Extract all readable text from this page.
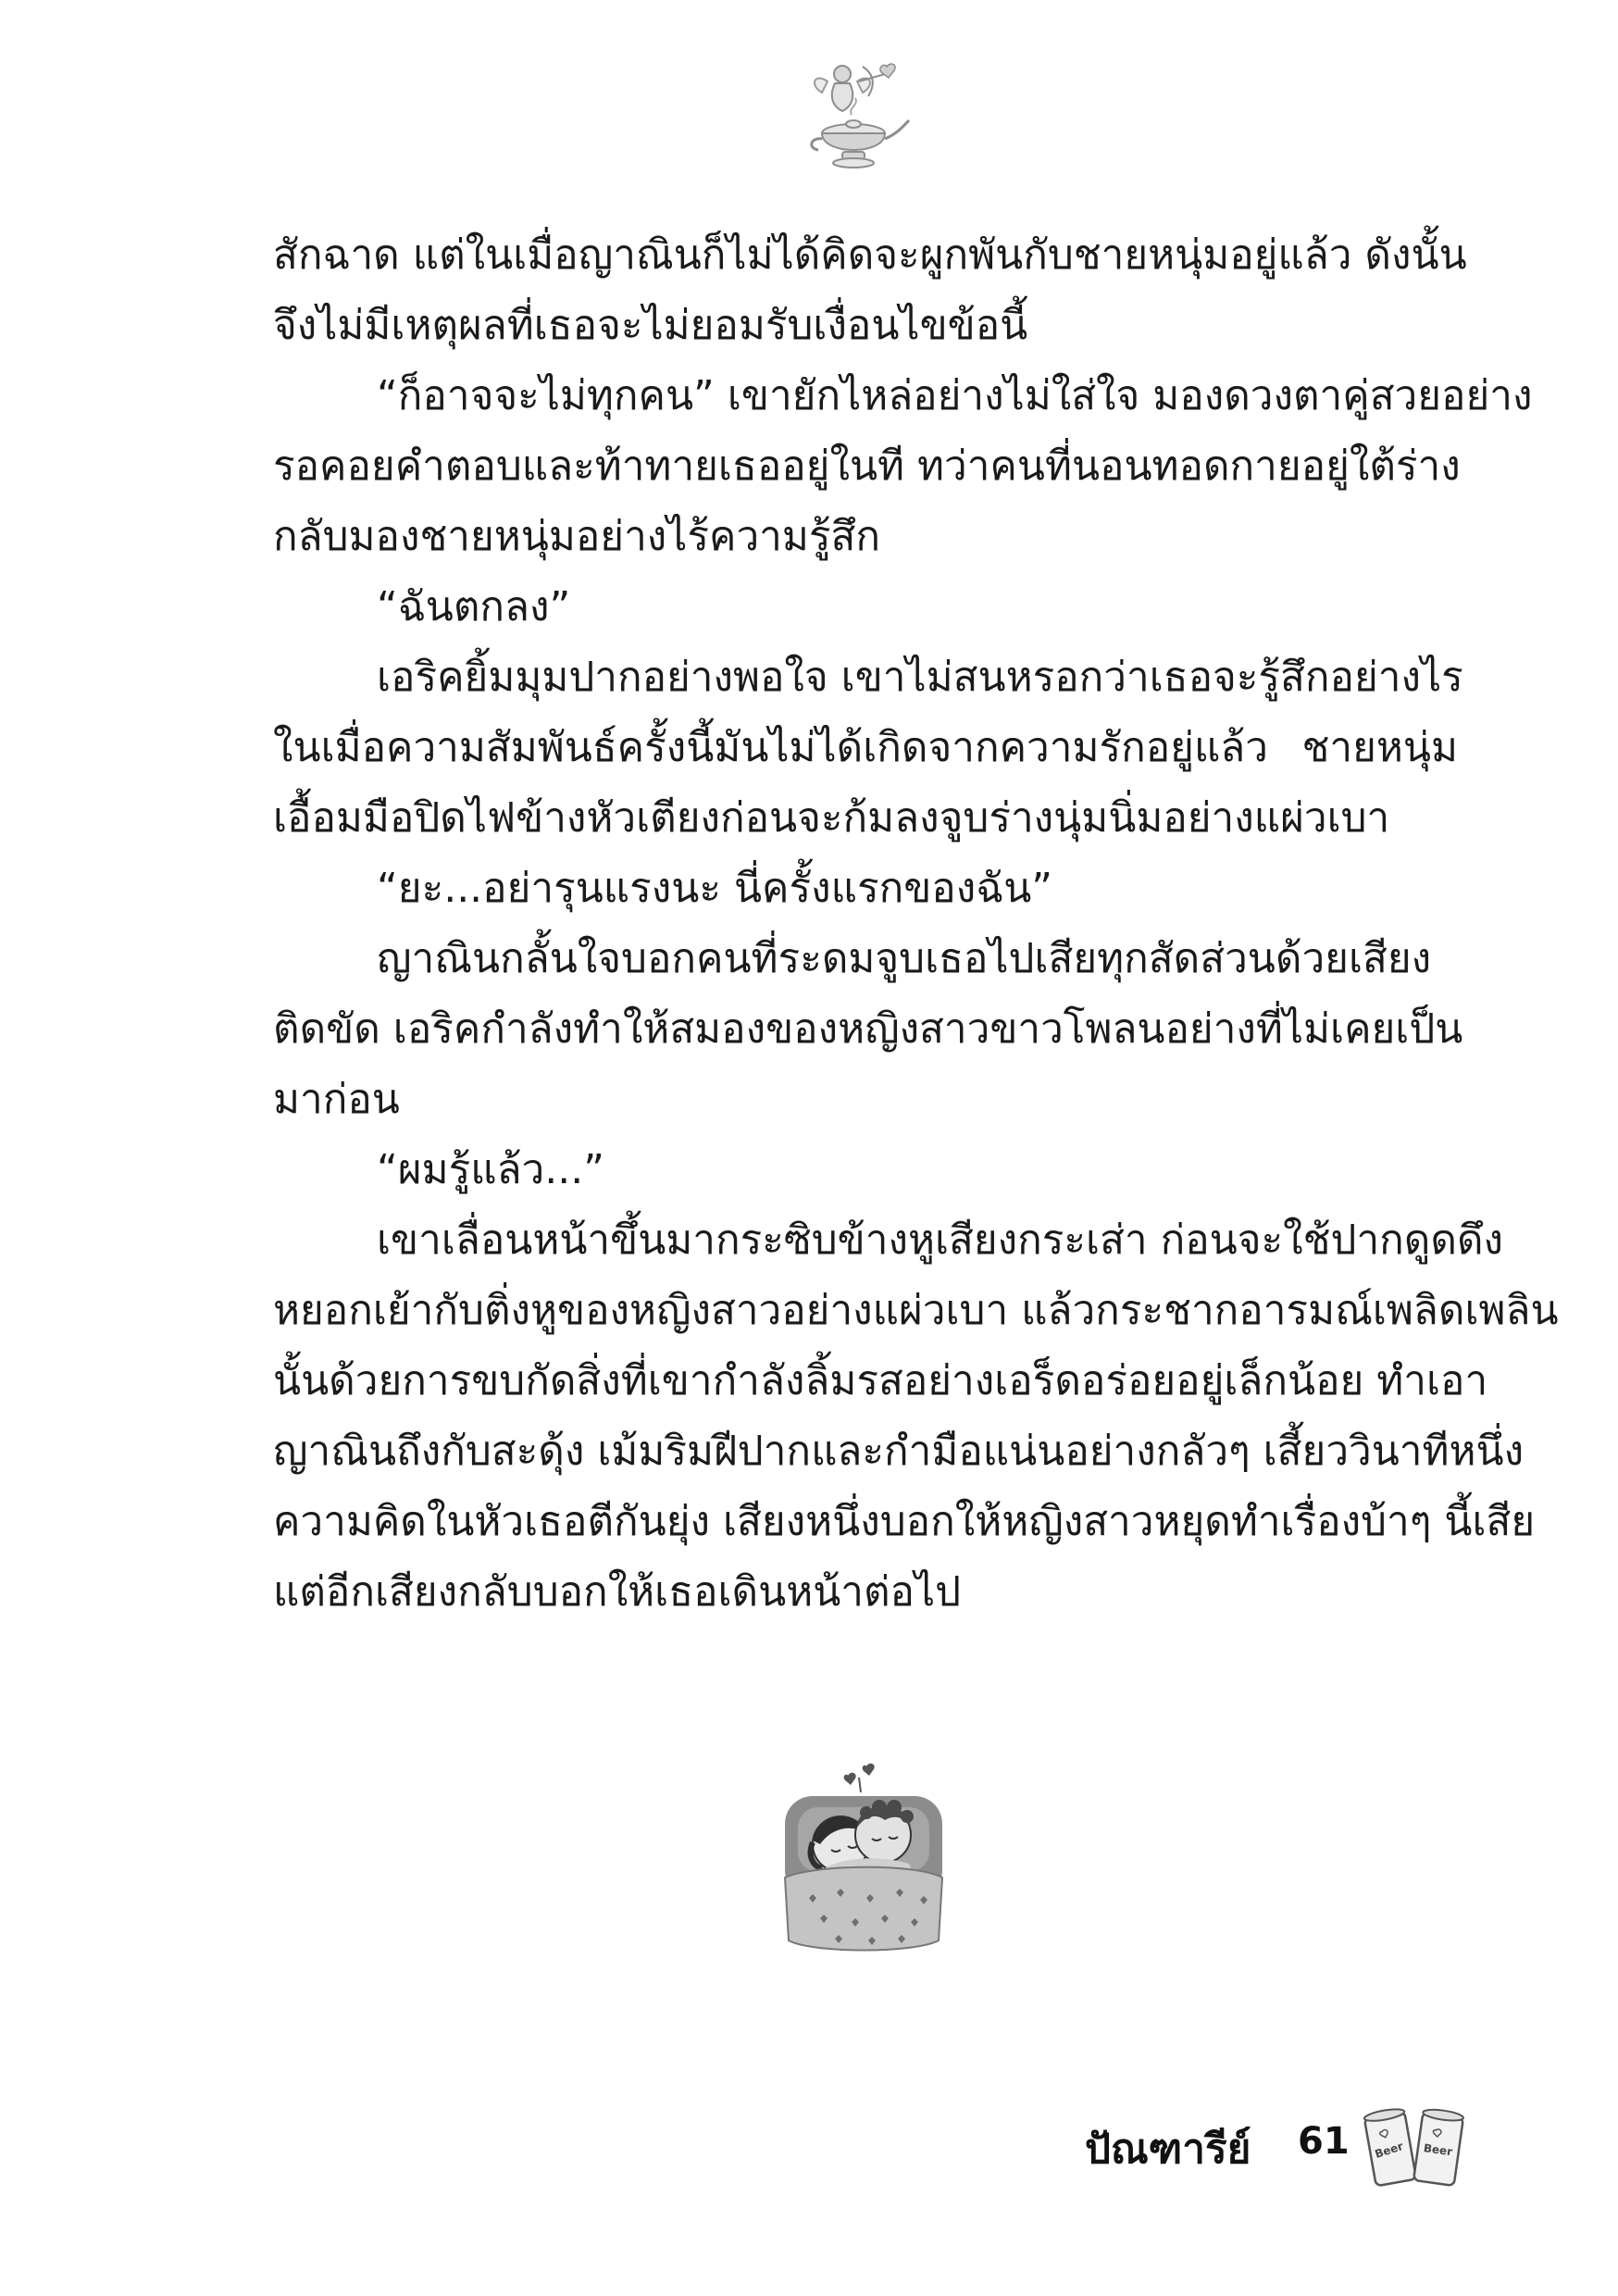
สักฉาด แต่ในเมื่อญาณินก็ไม่ได้คิดจะผูกพันกับชายหนุ่มอยู่แล้ว ดังนั้น
จึงไม่มีเหตุผลที่เธอจะไม่ยอมรับเงื่อนไขข้อนี้
“ก็อาจจะไม่ทุกคน” เขายักไหล่อย่างไม่ใส่ใจ มองดวงตาคู่สวยอย่าง
รอคอยคำตอบและท้าทายเธออยู่ในที ทว่าคนที่นอนทอดกายอยู่ใต้ร่าง
กลับมองชายหนุ่มอย่างไร้ความรู้สึก
“ฉันตกลง”
เอริคยิ้มมุมปากอย่างพอใจ เขาไม่สนหรอกว่าเธอจะรู้สึกอย่างไร
ในเมื่อความสัมพันธ์ครั้งนี้มันไม่ได้เกิดจากความรักอยู่แล้ว ชายหนุ่ม
เอื้อมมือปิดไฟข้างหัวเตียงก่อนจะก้มลงจูบร่างนุ่มนิ่มอย่างแผ่วเบา
“ยะ...อย่ารุนแรงนะ นี่ครั้งแรกของฉัน”
ญาณินกลั้นใจบอกคนที่ระดมจูบเธอไปเสียทุกสัดส่วนด้วยเสียง
ติดขัด เอริคกำลังทำให้สมองของหญิงสาวขาวโพลนอย่างที่ไม่เคยเป็น
มาก่อน
“ผมรู้แล้ว...”
เขาเลื่อนหน้าขึ้นมากระซิบข้างหูเสียงกระเส่า ก่อนจะใช้ปากดูดดึง
หยอกเย้ากับติ่งหูของหญิงสาวอย่างแผ่วเบา แล้วกระชากอารมณ์เพลิดเพลิน
นั้นด้วยการขบกัดสิ่งที่เขากำลังลิ้มรสอย่างเอร็ดอร่อยอยู่เล็กน้อย ทำเอา
ญาณินถึงกับสะดุ้ง เม้มริมฝีปากและกำมือแน่นอย่างกลัวๆ เสี้ยววินาทีหนึ่ง
ความคิดในหัวเธอตีกันยุ่ง เสียงหนึ่งบอกให้หญิงสาวหยุดทำเรื่องบ้าๆ นี้เสีย
แต่อีกเสียงกลับบอกให้เธอเดินหน้าต่อไป
ปัณฑารีย์ 61 Beer Beer
